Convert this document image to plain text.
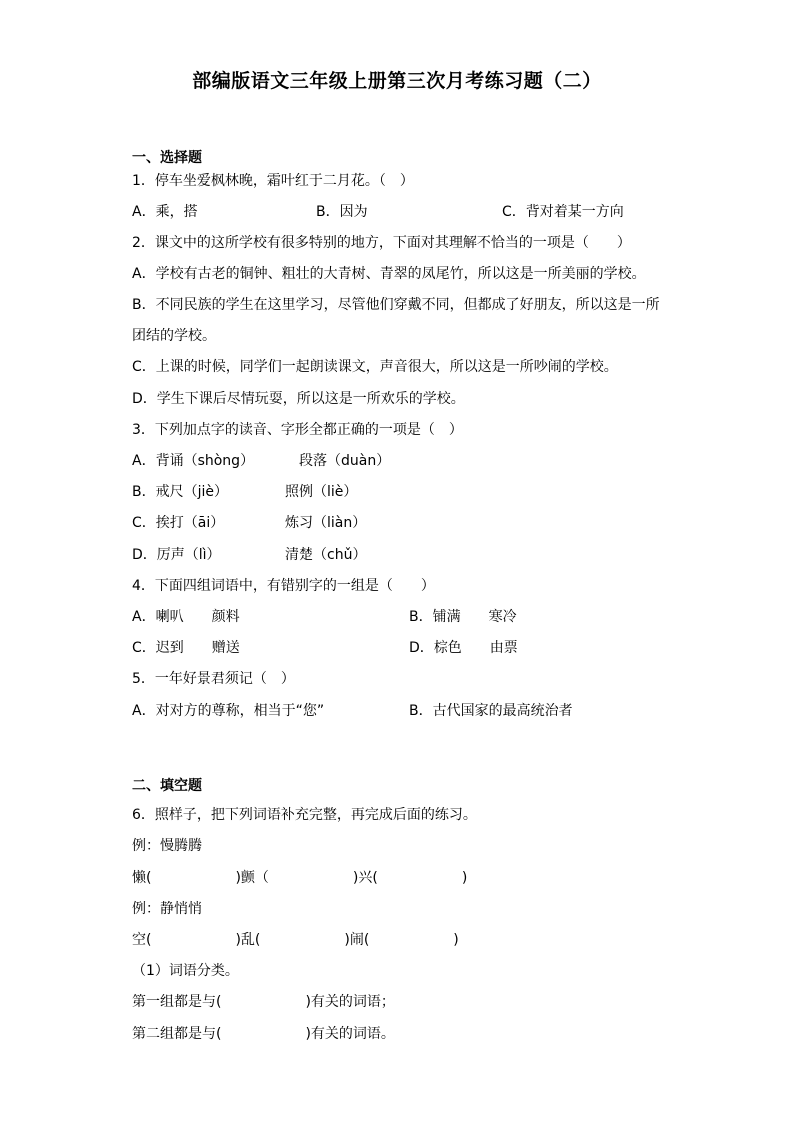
部编版语文三年级上册第三次月考练习题（二）
一、选择题
1．停车坐爱枫林晚，霜叶红于二月花。（　）
A．乘，搭	B．因为	C．背对着某一方向
2．课文中的这所学校有很多特别的地方，下面对其理解不恰当的一项是（　　）
A．学校有古老的铜钟、粗壮的大青树、青翠的凤尾竹，所以这是一所美丽的学校。
B．不同民族的学生在这里学习，尽管他们穿戴不同，但都成了好朋友，所以这是一所
团结的学校。
C．上课的时候，同学们一起朗读课文，声音很大，所以这是一所吵闹的学校。
D．学生下课后尽情玩耍，所以这是一所欢乐的学校。
3．下列加点字的读音、字形全都正确的一项是（　）
A．背诵（shòng）	段落（duàn）
B．戒尺（jiè）	照例（liè）
C．挨打（āi）	炼习（liàn）
D．厉声（lì）	清楚（chǔ）
4．下面四组词语中，有错别字的一组是（　　）
A．喇叭　　颜料	B．铺满　　寒冷
C．迟到　　赠送	D．棕色　　由票
5．一年好景君须记（　）
A．对对方的尊称，相当于“您”	B．古代国家的最高统治者
二、填空题
6．照样子，把下列词语补充完整，再完成后面的练习。
例：慢腾腾
懒(　　　　　　)颤（　　　　　　)兴(　　　　　　)
例：静悄悄
空(　　　　　　)乱(　　　　　　)闹(　　　　　　)
（1）词语分类。
第一组都是与(　　　　　　)有关的词语；
第二组都是与(　　　　　　)有关的词语。
